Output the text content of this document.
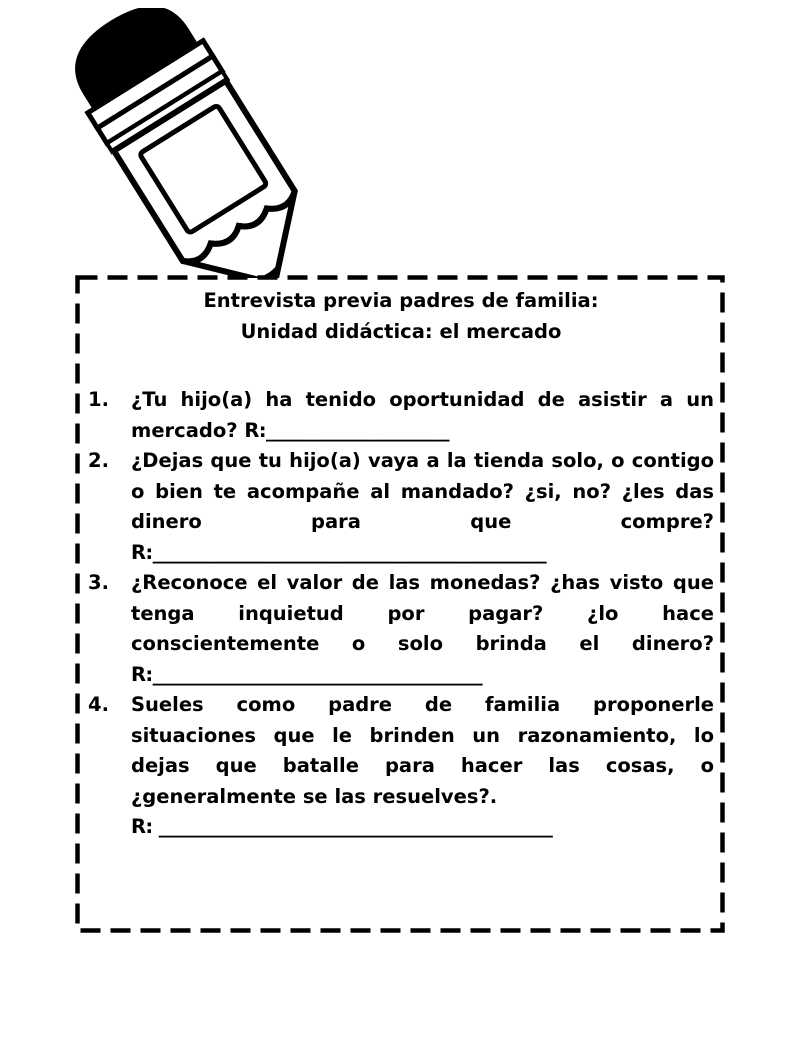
Entrevista previa padres de familia:
Unidad didáctica: el mercado
1.	¿Tu hijo(a) ha tenido oportunidad de asistir a un mercado? R:____________________
2.	¿Dejas que tu hijo(a) vaya a la tienda solo, o contigo o bien te acompañe al mandado? ¿si, no? ¿les das dinero para que compre? R:___________________________________________
3.	¿Reconoce el valor de las monedas? ¿has visto que tenga inquietud por pagar? ¿lo hace conscientemente o solo brinda el dinero? R:____________________________________
4.	Sueles como padre de familia proponerle situaciones que le brinden un razonamiento, lo dejas que batalle para hacer las cosas, o ¿generalmente se las resuelves?.
R: ___________________________________________
